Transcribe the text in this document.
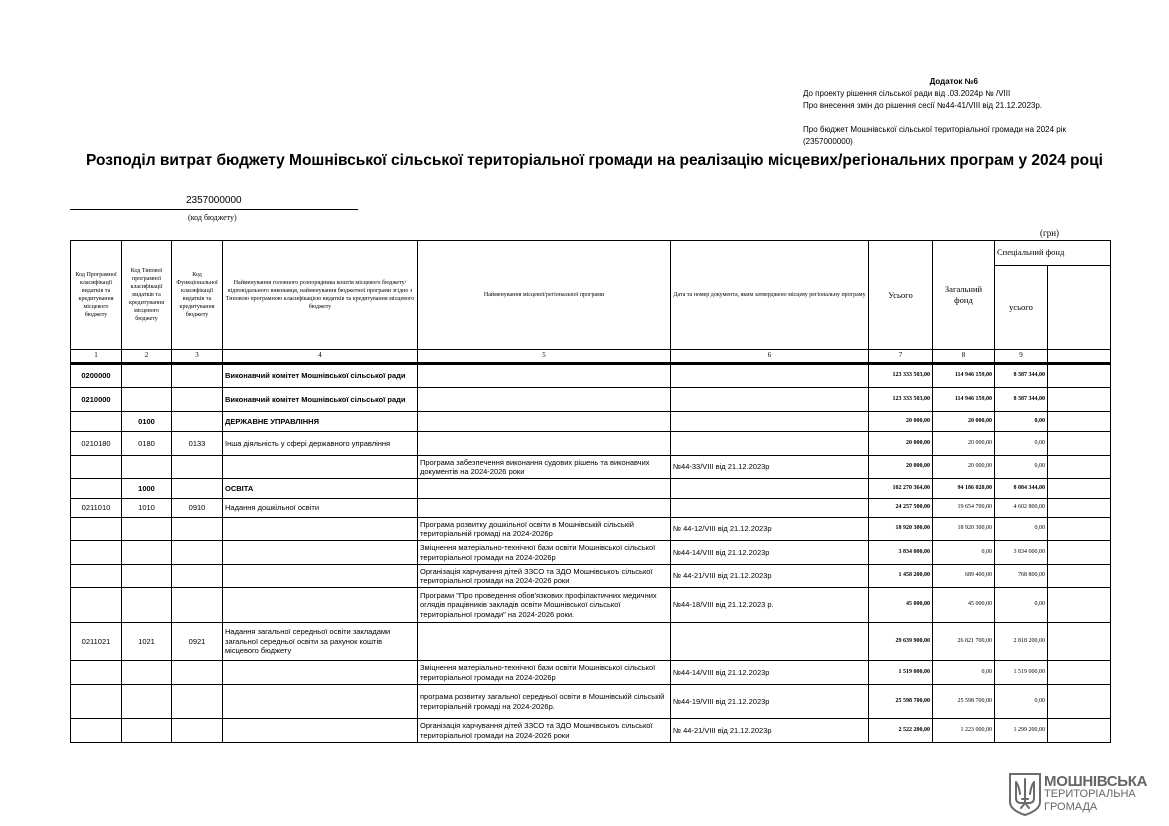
Додаток №6
До проекту рішення сільської ради від .03.2024р № /VIII
Про внесення змін до рішення сесії №44-41/VIII від 21.12.2023р.
Про бюджет Мошнівської сільської територіальної громади на 2024 рік
(2357000000)
Розподіл витрат бюджету Мошнівської сільської територіальної громади на реалізацію місцевих/регіональних програм у 2024 році
2357000000
(код бюджету)
(грн)
Код Програмної класифікації видатків та кредитування місцевого бюджету	Код Типової програмної класифікації видатків та кредитування місцевого бюджету	Код Функціональної класифікації видатків та кредитування бюджету	Найменування головного розпорядника коштів місцевого бюджету/ відповідального виконавця, найменування бюджетної програми згідно з Типовою програмною класифікацією видатків та кредитування місцевого бюджету	Найменування місцевої/регіональної програми	Дата та номер документа, яким затверджено місцеву регіональну програму	Усього	Загальний фонд	Спеціальний фонд	
								усього	
1	2	3	4	5	6	7	8	9	
0200000			Виконавчий комітет Мошнівської сільської ради			123 333 503,00	114 946 159,00	8 387 344,00	
0210000			Виконавчий комітет Мошнівської сільської ради			123 333 503,00	114 946 159,00	8 387 344,00	
	0100		ДЕРЖАВНЕ УПРАВЛІННЯ			20 000,00	20 000,00	0,00	
0210180	0180	0133	Інша діяльність у сфері державного управління			20 000,00	20 000,00	0,00	
				Програма забезпечення виконання судових рішень та виконавчих документів на 2024-2026 роки	№44-33/VIII від 21.12.2023р	20 000,00	20 000,00	0,00	
	1000		ОСВІТА			102 270 364,00	94 186 020,00	8 084 344,00	
0211010	1010	0910	Надання дошкільної освіти			24 257 500,00	19 654 700,00	4 602 800,00	
				Програма розвитку дошкільної освіти в Мошнівській сільській територіальній громаді на 2024-2026р	№ 44-12/VIII від 21.12.2023р	18 920 300,00	18 920 300,00	0,00	
				Зміцнення матеріально-технічної бази освіти Мошнівської сільської територіальної громади на 2024-2026р	№44-14/VIII від 21.12.2023р	3 834 000,00	0,00	3 834 000,00	
				Організація харчування дітей ЗЗСО та ЗДО Мошнівськоъ сільської територіальної громади на 2024-2026 роки	№ 44-21/VIII від 21.12.2023р	1 458 200,00	689 400,00	768 800,00	
				Програми "Про проведення обов'язкових профілактичних медичних оглядів працівників закладів освіти Мошнівської сільської територіальної громади" на 2024-2026 роки.	№44-18/VIII від 21.12.2023 р.	45 000,00	45 000,00	0,00	
0211021	1021	0921	Надання загальної середньої освіти закладами загальної середньої освіти за рахунок коштів місцевого бюджету			29 639 900,00	26 821 700,00	2 818 200,00	
				Зміцнення матеріально-технічної бази освіти Мошнівської сільської територіальної громади на 2024-2026р	№44-14/VIII від 21.12.2023р	1 519 000,00	0,00	1 519 000,00	
				програма розвитку загальної середньої освіти в Мошнівській сільській територіальній громаді на 2024-2026р.	№44-19/VIII від 21.12.2023р	25 598 700,00	25 598 700,00	0,00	
				Організація харчування дітей ЗЗСО та ЗДО Мошнівськоъ сільської територіальної громади на 2024-2026 роки	№ 44-21/VIII від 21.12.2023р	2 522 200,00	1 223 000,00	1 299 200,00	
МОШНІВСЬКА
ТЕРИТОРІАЛЬНА
ГРОМАДА
